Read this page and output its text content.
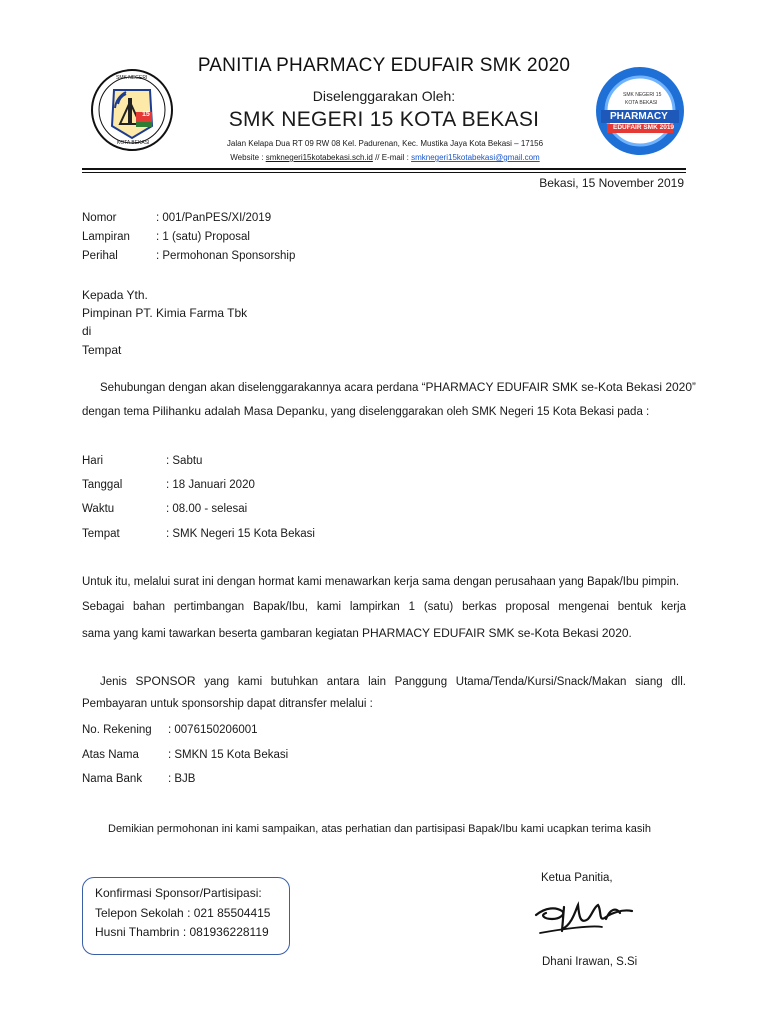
SMK NEGERI
15
KOTA BEKASI
SMK NEGERI 15
KOTA BEKASI
PHARMACY
EDUFAIR SMK 2019
PANITIA PHARMACY EDUFAIR SMK 2020
Diselenggarakan Oleh:
SMK NEGERI 15 KOTA BEKASI
Jalan Kelapa Dua RT 09 RW 08 Kel. Padurenan, Kec. Mustika Jaya Kota Bekasi – 17156
Website : smknegeri15kotabekasi.sch.id // E-mail : smknegeri15kotabekasi@gmail.com
Bekasi, 15 November 2019
Nomor	: 001/PanPES/XI/2019
Lampiran : 1 (satu) Proposal
Perihal	: Permohonan Sponsorship
Kepada Yth.
Pimpinan PT. Kimia Farma Tbk
di
Tempat
Sehubungan dengan akan diselenggarakannya acara perdana “PHARMACY EDUFAIR SMK se-Kota Bekasi 2020”
dengan tema Pilihanku adalah Masa Depanku, yang diselenggarakan oleh SMK Negeri 15 Kota Bekasi pada :
Hari	: Sabtu
Tanggal	: 18 Januari 2020
Waktu	: 08.00 - selesai
Tempat	: SMK Negeri 15 Kota Bekasi
Untuk itu, melalui surat ini dengan hormat kami menawarkan kerja sama dengan perusahaan yang Bapak/Ibu pimpin.
Sebagai bahan pertimbangan Bapak/Ibu, kami lampirkan 1 (satu) berkas proposal mengenai bentuk kerja
sama yang kami tawarkan beserta gambaran kegiatan PHARMACY EDUFAIR SMK se-Kota Bekasi 2020.
Jenis SPONSOR yang kami butuhkan antara lain Panggung Utama/Tenda/Kursi/Snack/Makan siang dll.
Pembayaran untuk sponsorship dapat ditransfer melalui :
No. Rekening : 0076150206001
Atas Nama	: SMKN 15 Kota Bekasi
Nama Bank : BJB
Demikian permohonan ini kami sampaikan, atas perhatian dan partisipasi Bapak/Ibu kami ucapkan terima kasih
Konfirmasi Sponsor/Partisipasi:
Telepon Sekolah : 021 85504415
Husni Thambrin : 081936228119
Ketua Panitia,
Dhani Irawan, S.Si
